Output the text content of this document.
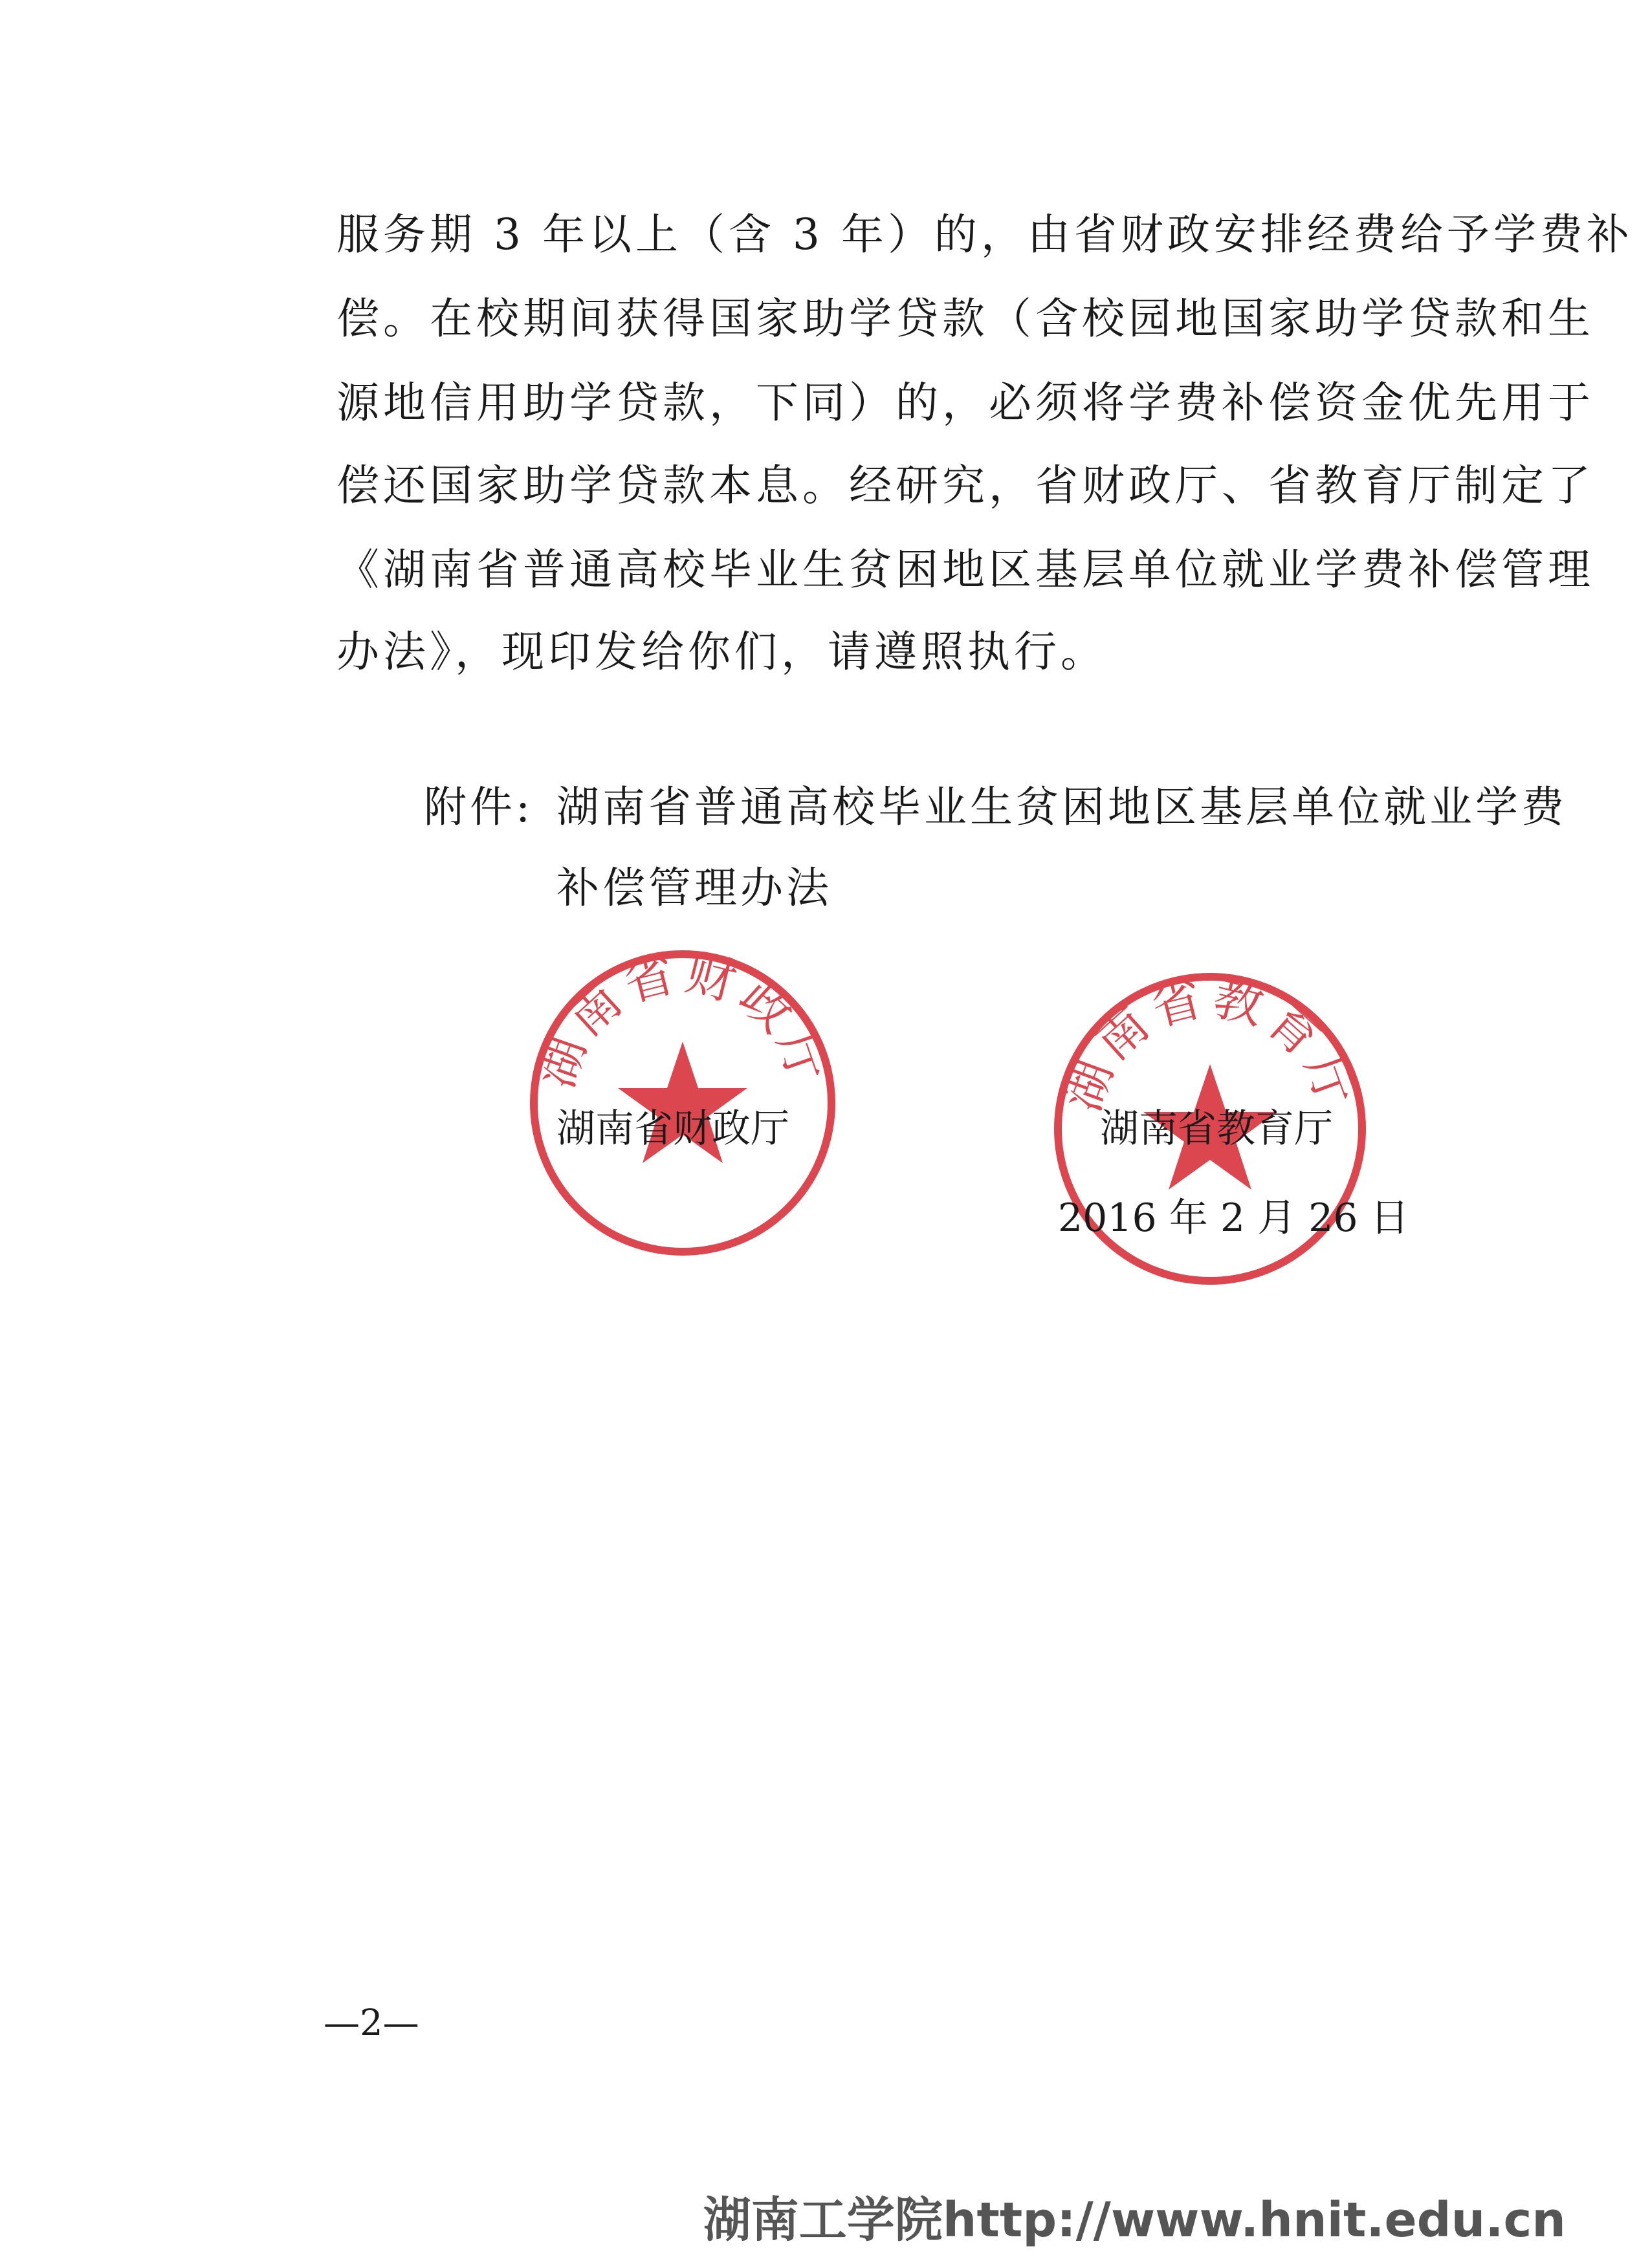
服务期 3 年以上（含 3 年）的，由省财政安排经费给予学费补
偿。在校期间获得国家助学贷款（含校园地国家助学贷款和生
源地信用助学贷款，下同）的，必须将学费补偿资金优先用于
偿还国家助学贷款本息。经研究，省财政厅、省教育厅制定了
《湖南省普通高校毕业生贫困地区基层单位就业学费补偿管理
办法》，现印发给你们，请遵照执行。
附件: 湖南省普通高校毕业生贫困地区基层单位就业学费
补偿管理办法
湖南省财政厅	湖南省教育厅
湖南省财政厅	湖南省教育厅
2016 年 2 月 26 日
—2—
湖南工学院http://www.hnit.edu.cn
